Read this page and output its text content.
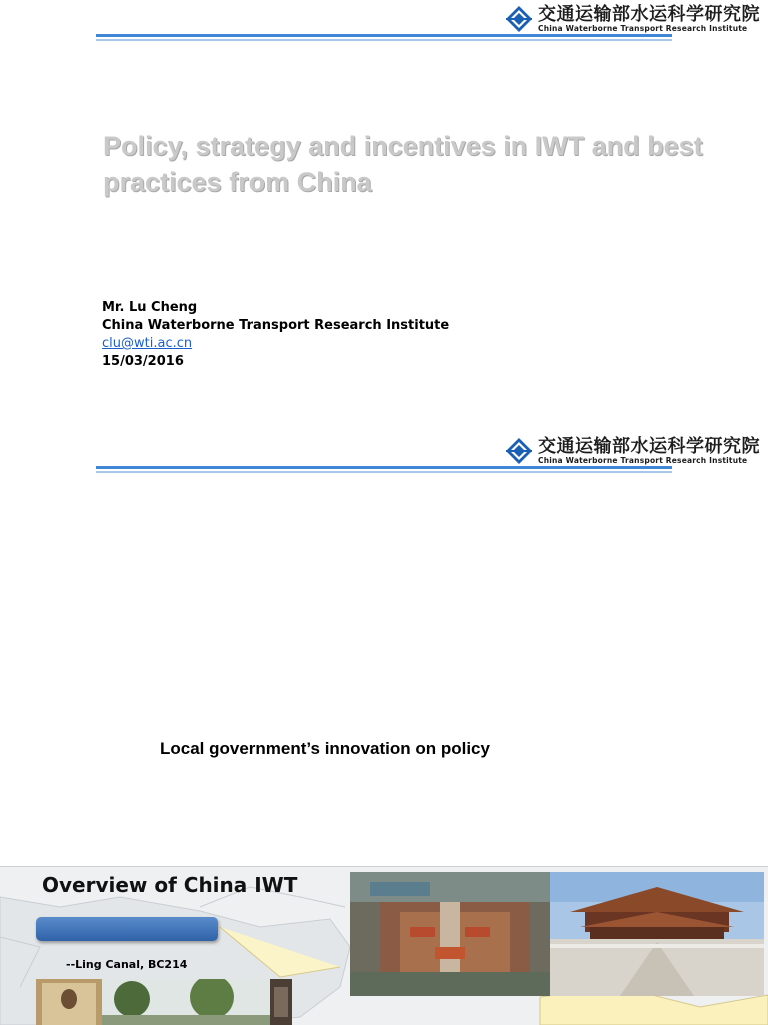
交通运输部水运科学研究院
China Waterborne Transport Research Institute
Policy, strategy and incentives in IWT and best practices from China
Mr. Lu Cheng
China Waterborne Transport Research Institute
clu@wti.ac.cn
15/03/2016
交通运输部水运科学研究院
China Waterborne Transport Research Institute
Local government’s innovation on policy
Overview of China IWT
--Ling Canal, BC214
